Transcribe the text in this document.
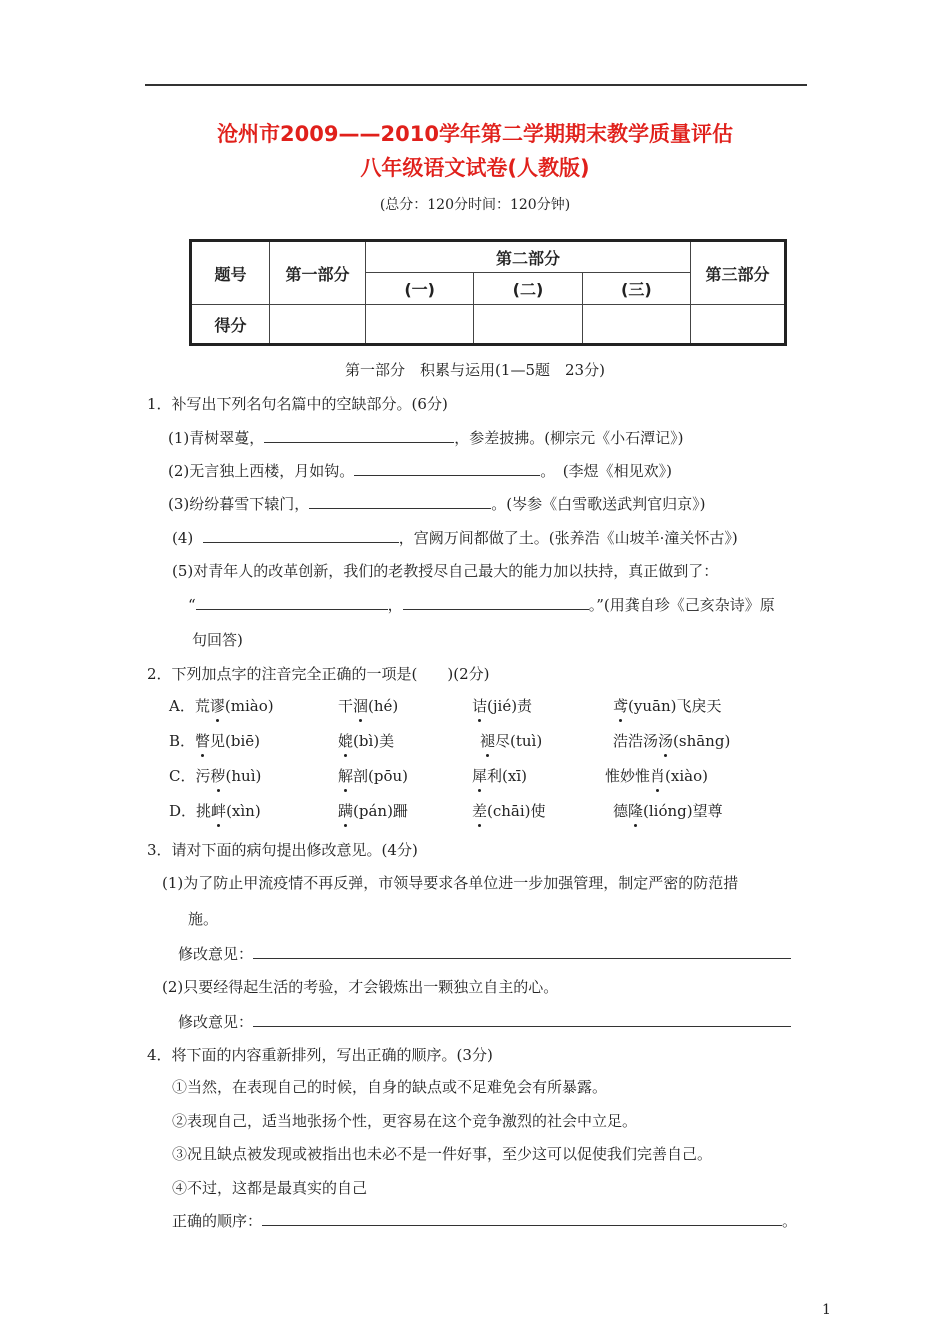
沧州市2009——2010学年第二学期期末教学质量评估
八年级语文试卷(人教版)
(总分：120分时间：120分钟)
题号	第一部分	第二部分			第三部分
		(一)	(二)	(三)	
得分					
第一部分　积累与运用(1—5题　23分)
1．补写出下列名句名篇中的空缺部分。(6分)
(1)青树翠蔓，	，参差披拂。(柳宗元《小石潭记》)
(2)无言独上西楼，月如钩。	。　(李煜《相见欢》)
(3)纷纷暮雪下辕门，	。(岑参《白雪歌送武判官归京》)
(4)	，宫阙万间都做了土。(张养浩《山坡羊·潼关怀古》)
(5)对青年人的改革创新，我们的老教授尽自己最大的能力加以扶持，真正做到了：
“	，	。”(用龚自珍《己亥杂诗》原
句回答)
2．下列加点字的注音完全正确的一项是(　　)(2分)
A．荒谬(miào)	干涸(hé)	诘(jié)责	鸢(yuān)飞戾天
B．瞥见(biē)	媲(bì)美	褪尽(tuì)	浩浩汤汤(shāng)
C．污秽(huì)	解剖(pōu)	犀利(xī)	惟妙惟肖(xiào)
D．挑衅(xìn)	蹒(pán)跚	差(chāi)使	德隆(lióng)望尊
3．请对下面的病句提出修改意见。(4分)
(1)为了防止甲流疫情不再反弹，市领导要求各单位进一步加强管理，制定严密的防范措
施。
修改意见：
(2)只要经得起生活的考验，才会锻炼出一颗独立自主的心。
修改意见：
4．将下面的内容重新排列，写出正确的顺序。(3分)
①当然，在表现自己的时候，自身的缺点或不足难免会有所暴露。
②表现自己，适当地张扬个性，更容易在这个竞争激烈的社会中立足。
③况且缺点被发现或被指出也未必不是一件好事，至少这可以促使我们完善自己。
④不过，这都是最真实的自己
正确的顺序：	。
1
